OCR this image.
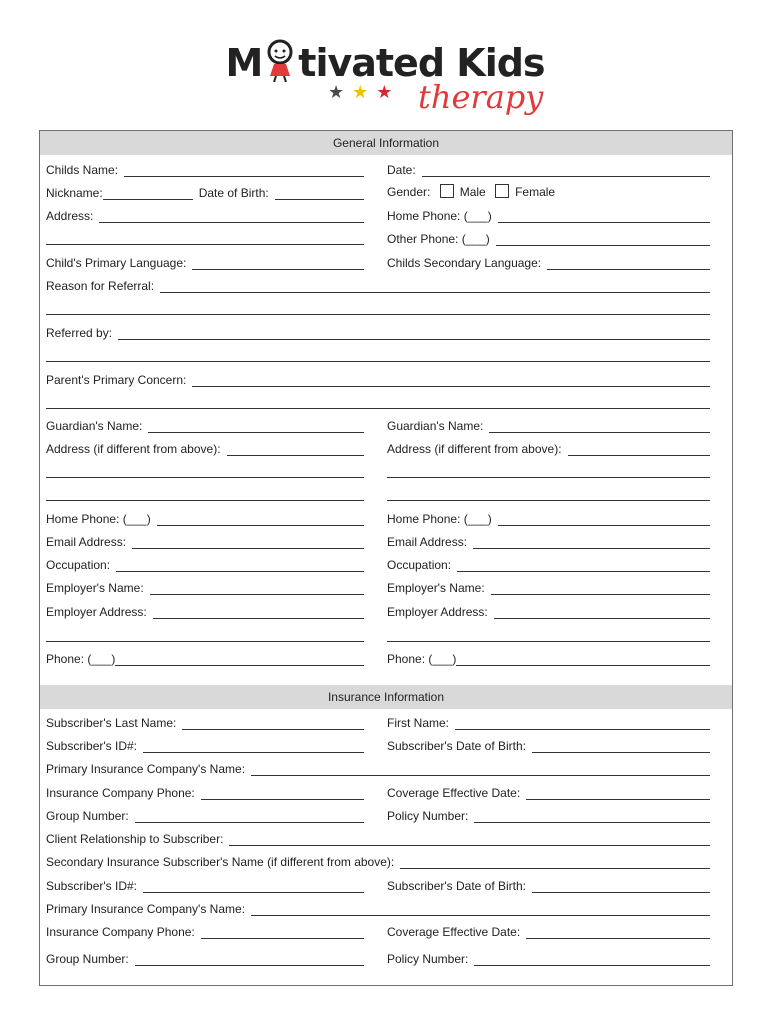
M tivated Kids
★★★ therapy
General Information
Childs Name:	Date:
Nickname:	Date of Birth:	Gender: Male Female
Address:	Home Phone: (___)
Other Phone: (___)
Child's Primary Language:	Childs Secondary Language:
Reason for Referral:
Referred by:
Parent's Primary Concern:
Guardian's Name:	Guardian's Name:
Address (if different from above):	Address (if different from above):
Home Phone: (___)	Home Phone: (___)
Email Address:	Email Address:
Occupation:	Occupation:
Employer's Name:	Employer's Name:
Employer Address:	Employer Address:
Phone: (___)	Phone: (___)
Insurance Information
Subscriber's Last Name:	First Name:
Subscriber's ID#:	Subscriber's Date of Birth:
Primary Insurance Company's Name:
Insurance Company Phone:	Coverage Effective Date:
Group Number:	Policy Number:
Client Relationship to Subscriber:
Secondary Insurance Subscriber's Name (if different from above):
Subscriber's ID#:	Subscriber's Date of Birth:
Primary Insurance Company's Name:
Insurance Company Phone:	Coverage Effective Date:
Group Number:	Policy Number:
